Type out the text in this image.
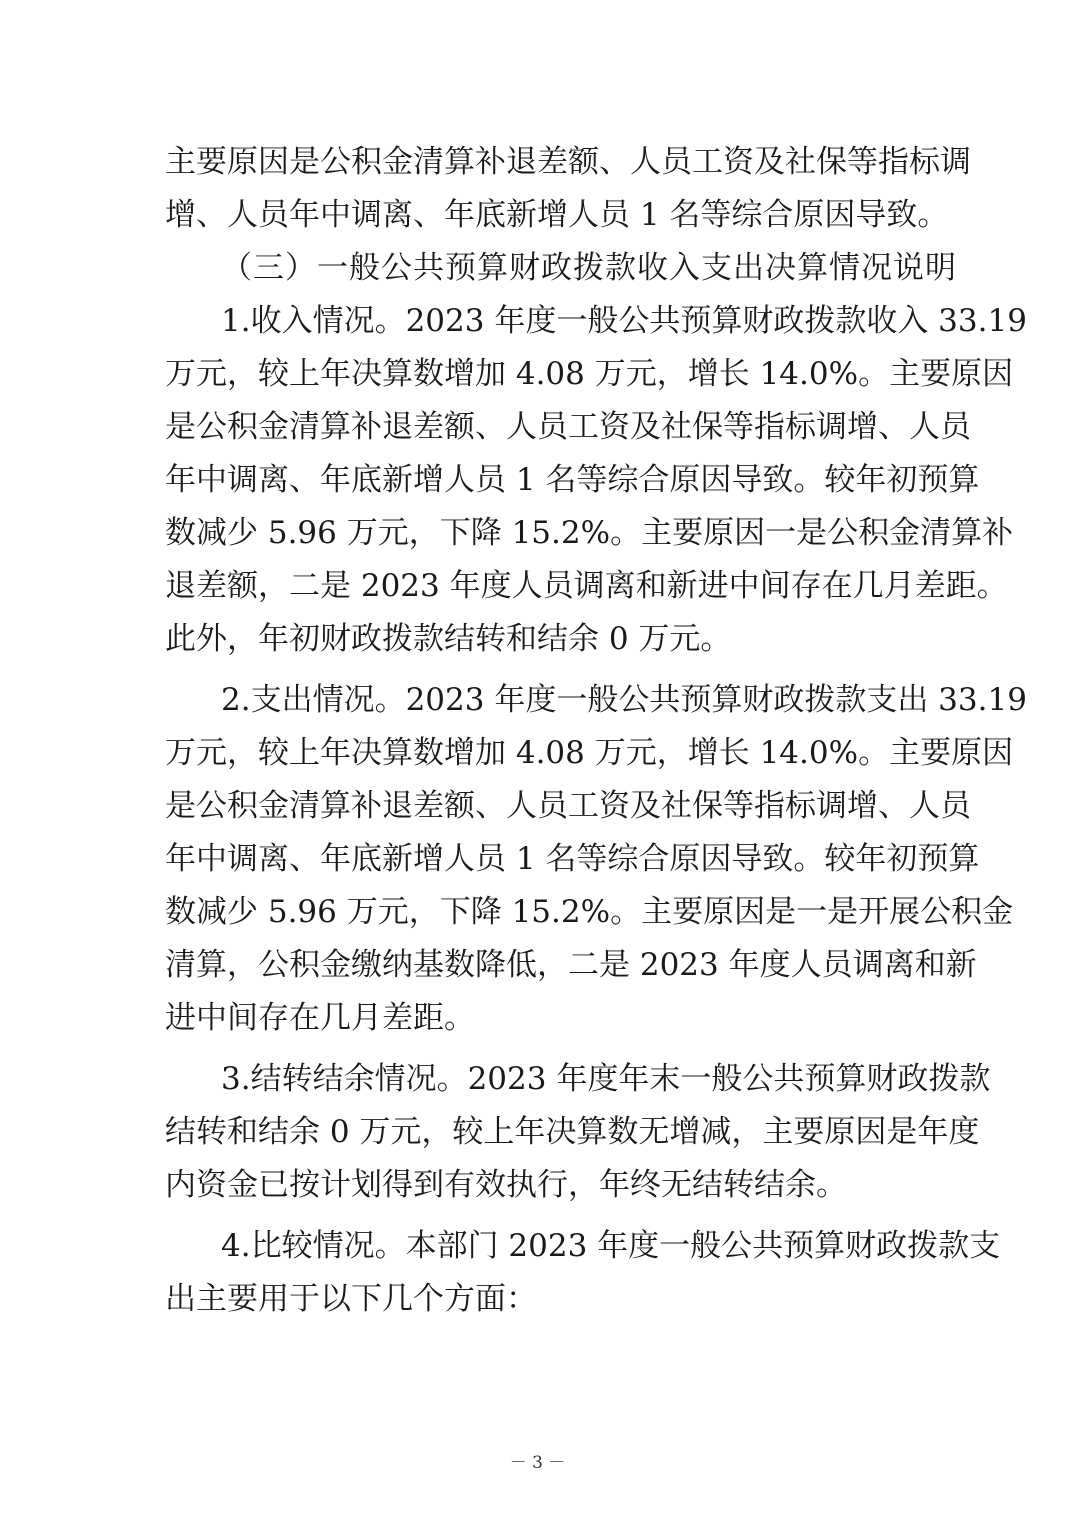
主要原因是公积金清算补退差额、人员工资及社保等指标调
增、人员年中调离、年底新增人员 1 名等综合原因导致。
（三）一般公共预算财政拨款收入支出决算情况说明
1.收入情况。2023 年度一般公共预算财政拨款收入 33.19
万元，较上年决算数增加 4.08 万元，增长 14.0%。主要原因
是公积金清算补退差额、人员工资及社保等指标调增、人员
年中调离、年底新增人员 1 名等综合原因导致。较年初预算
数减少 5.96 万元，下降 15.2%。主要原因一是公积金清算补
退差额，二是 2023 年度人员调离和新进中间存在几月差距。
此外，年初财政拨款结转和结余 0 万元。
2.支出情况。2023 年度一般公共预算财政拨款支出 33.19
万元，较上年决算数增加 4.08 万元，增长 14.0%。主要原因
是公积金清算补退差额、人员工资及社保等指标调增、人员
年中调离、年底新增人员 1 名等综合原因导致。较年初预算
数减少 5.96 万元，下降 15.2%。主要原因是一是开展公积金
清算，公积金缴纳基数降低，二是 2023 年度人员调离和新
进中间存在几月差距。
3.结转结余情况。2023 年度年末一般公共预算财政拨款
结转和结余 0 万元，较上年决算数无增减，主要原因是年度
内资金已按计划得到有效执行，年终无结转结余。
4.比较情况。本部门 2023 年度一般公共预算财政拨款支
出主要用于以下几个方面：
－ 3 －
